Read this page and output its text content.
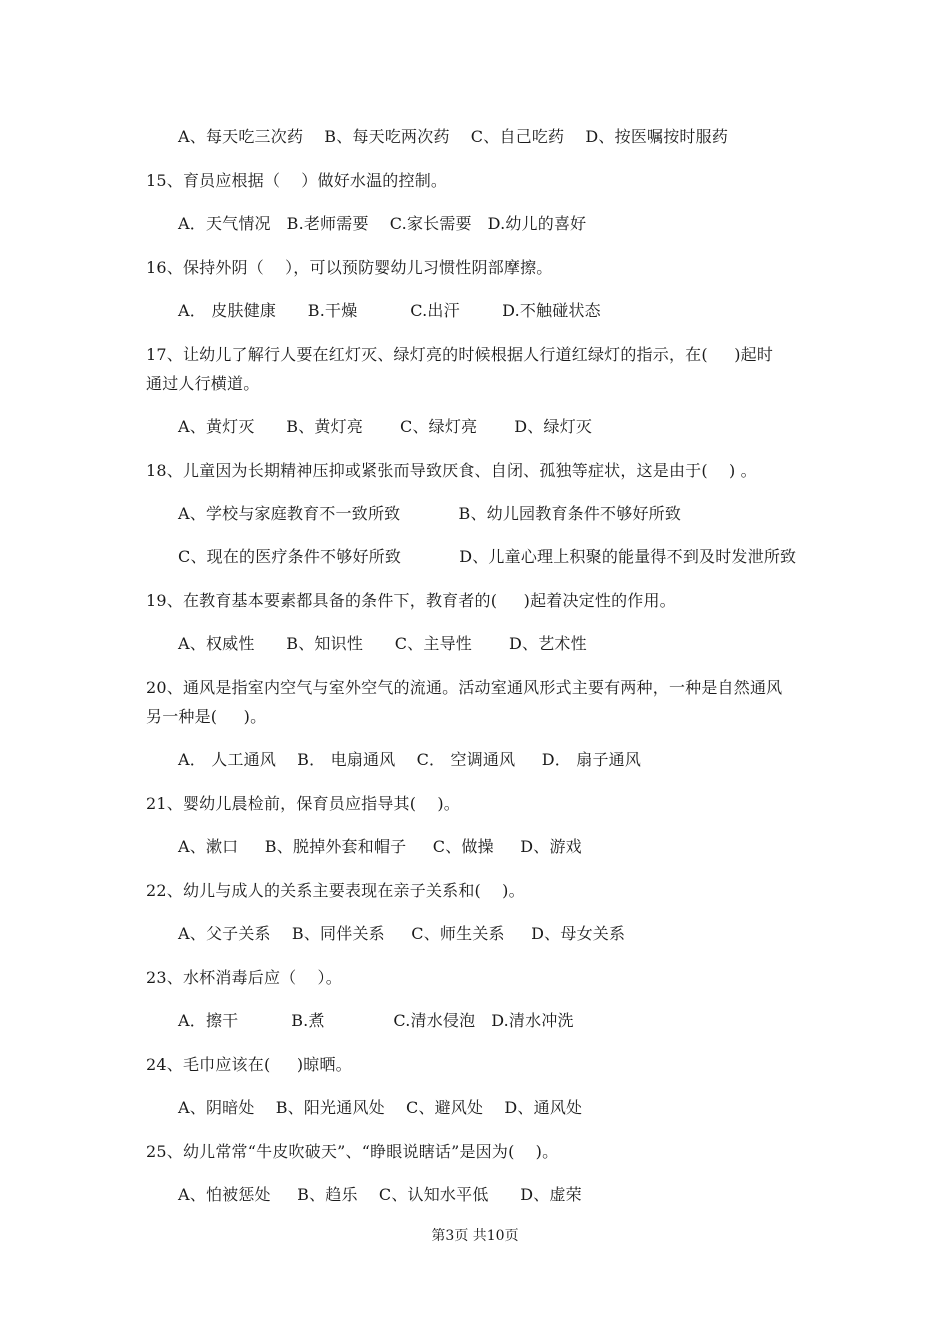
A、每天吃三次药    B、每天吃两次药    C、自己吃药    D、按医嘱按时服药
15、育员应根据（    ）做好水温的控制。
A．天气情况   B.老师需要    C.家长需要   D.幼儿的喜好
16、保持外阴（    ），可以预防婴幼儿习惯性阴部摩擦。
A． 皮肤健康      B.干燥          C.出汗        D.不触碰状态
17、让幼儿了解行人要在红灯灭、绿灯亮的时候根据人行道红绿灯的指示，在(     )起时
通过人行横道。
A、黄灯灭      B、黄灯亮       C、绿灯亮       D、绿灯灭
18、儿童因为长期精神压抑或紧张而导致厌食、自闭、孤独等症状，这是由于(    ) 。
A、学校与家庭教育不一致所致           B、幼儿园教育条件不够好所致
C、现在的医疗条件不够好所致           D、儿童心理上积聚的能量得不到及时发泄所致
19、在教育基本要素都具备的条件下，教育者的(     )起着决定性的作用。
A、权威性      B、知识性      C、主导性       D、艺术性
20、通风是指室内空气与室外空气的流通。活动室通风形式主要有两种，一种是自然通风
另一种是(     )。
A． 人工通风    B． 电扇通风    C． 空调通风     D． 扇子通风
21、婴幼儿晨检前，保育员应指导其(    )。
A、漱口     B、脱掉外套和帽子     C、做操     D、游戏
22、幼儿与成人的关系主要表现在亲子关系和(    )。
A、父子关系    B、同伴关系     C、师生关系     D、母女关系
23、水杯消毒后应（    ）。
A．擦干          B.煮             C.清水侵泡   D.清水冲洗
24、毛巾应该在(     )晾晒。
A、阴暗处    B、阳光通风处    C、避风处    D、通风处
25、幼儿常常“牛皮吹破天”、“睁眼说瞎话”是因为(    )。
A、怕被惩处     B、趋乐    C、认知水平低      D、虚荣
第3页 共10页
